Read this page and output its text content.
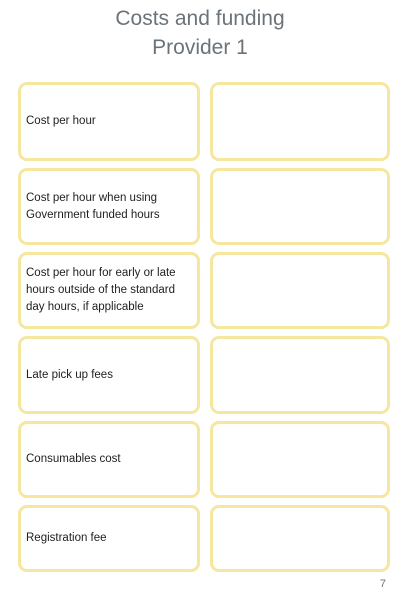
Costs and funding
Provider 1
Cost per hour
Cost per hour when using Government funded hours
Cost per hour for early or late hours outside of the standard day hours, if applicable
Late pick up fees
Consumables cost
Registration fee
7
